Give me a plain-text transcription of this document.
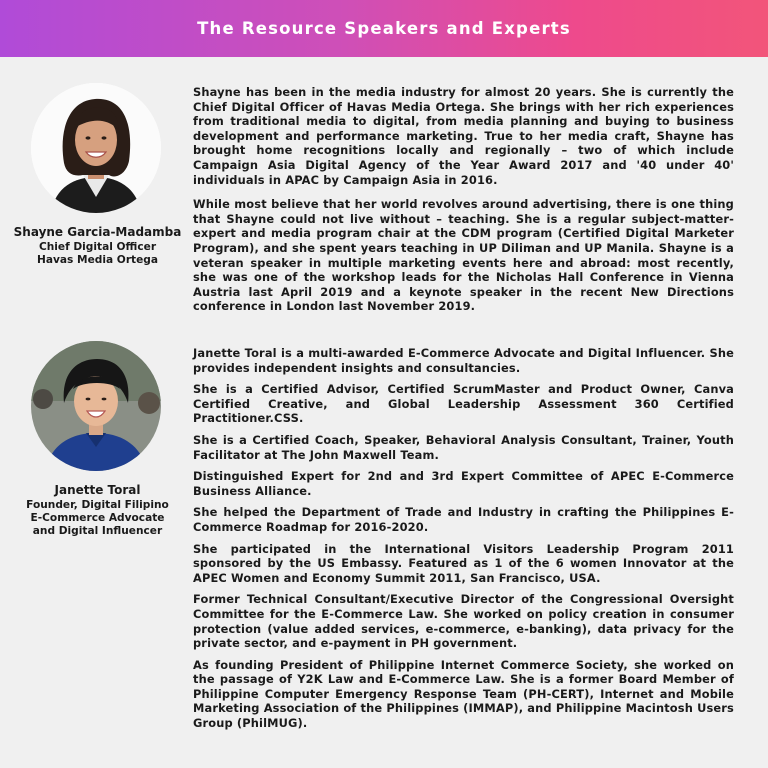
The Resource Speakers and Experts
Shayne Garcia-Madamba
Chief Digital Officer
Havas Media Ortega

Shayne has been in the media industry for almost 20 years. She is currently the Chief Digital Officer of Havas Media Ortega. She brings with her rich experiences from traditional media to digital, from media planning and buying to business development and performance marketing. True to her media craft, Shayne has brought home recognitions locally and regionally – two of which include Campaign Asia Digital Agency of the Year Award 2017 and '40 under 40' individuals in APAC by Campaign Asia in 2016.

While most believe that her world revolves around advertising, there is one thing that Shayne could not live without – teaching. She is a regular subject-matter-expert and media program chair at the CDM program (Certified Digital Marketer Program), and she spent years teaching in UP Diliman and UP Manila. Shayne is a veteran speaker in multiple marketing events here and abroad: most recently, she was one of the workshop leads for the Nicholas Hall Conference in Vienna Austria last April 2019 and a keynote speaker in the recent New Directions conference in London last November 2019.

Janette Toral
Founder, Digital Filipino
E-Commerce Advocate
and Digital Influencer

Janette Toral is a multi-awarded E-Commerce Advocate and Digital Influencer. She provides independent insights and consultancies.

She is a Certified Advisor, Certified ScrumMaster and Product Owner, Canva Certified Creative, and Global Leadership Assessment 360 Certified Practitioner.CSS.

She is a Certified Coach, Speaker, Behavioral Analysis Consultant, Trainer, Youth Facilitator at The John Maxwell Team.

Distinguished Expert for 2nd and 3rd Expert Committee of APEC E-Commerce Business Alliance.

She helped the Department of Trade and Industry in crafting the Philippines E-Commerce Roadmap for 2016-2020.

She participated in the International Visitors Leadership Program 2011 sponsored by the US Embassy. Featured as 1 of the 6 women Innovator at the APEC Women and Economy Summit 2011, San Francisco, USA.

Former Technical Consultant/Executive Director of the Congressional Oversight Committee for the E-Commerce Law. She worked on policy creation in consumer protection (value added services, e-commerce, e-banking), data privacy for the private sector, and e-payment in PH government.

As founding President of Philippine Internet Commerce Society, she worked on the passage of Y2K Law and E-Commerce Law. She is a former Board Member of Philippine Computer Emergency Response Team (PH-CERT), Internet and Mobile Marketing Association of the Philippines (IMMAP), and Philippine Macintosh Users Group (PhilMUG).
